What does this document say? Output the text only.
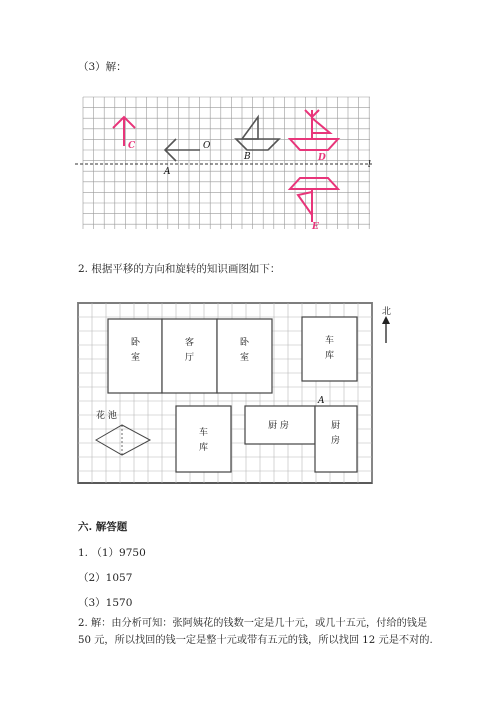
（3）解：
C	O
A
B	D
E
l
2. 根据平移的方向和旋转的知识画图如下：
卧
室
客
厅
卧
室
车
库
车
库
厨 房	厨
房
花 池
A
北
六. 解答题
1. （1）9750
（2）1057
（3）1570
2. 解：由分析可知：张阿姨花的钱数一定是几十元，或几十五元，付给的钱是
50 元，所以找回的钱一定是整十元或带有五元的钱，所以找回 12 元是不对的.
